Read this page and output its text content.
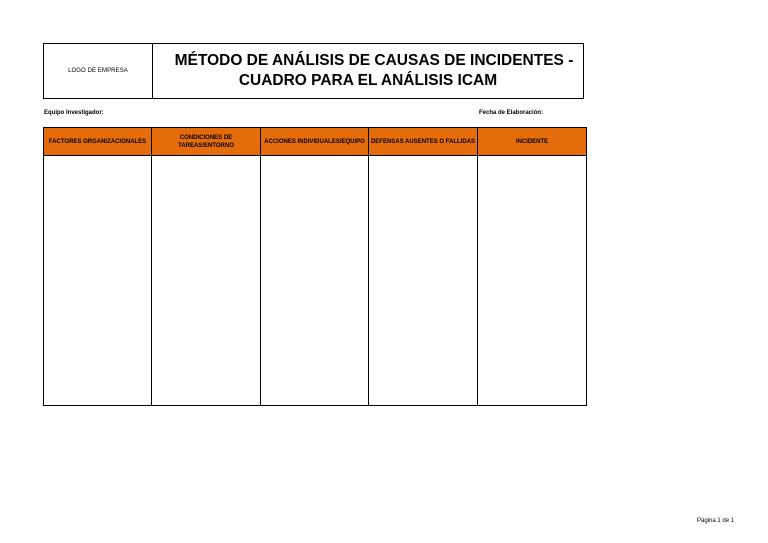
LOGO DE EMPRESA
MÉTODO DE ANÁLISIS DE CAUSAS DE INCIDENTES -
CUADRO PARA EL ANÁLISIS ICAM
Equipo Investigador:	Fecha de Elaboración:
FACTORES ORGANIZACIONALES	CONDICIONES DE TAREAS/ENTORNO	ACCIONES INDIVIDUALES/EQUIPO	DEFENSAS AUSENTES O FALLIDAS	INCIDENTE

Página 1 de 1
